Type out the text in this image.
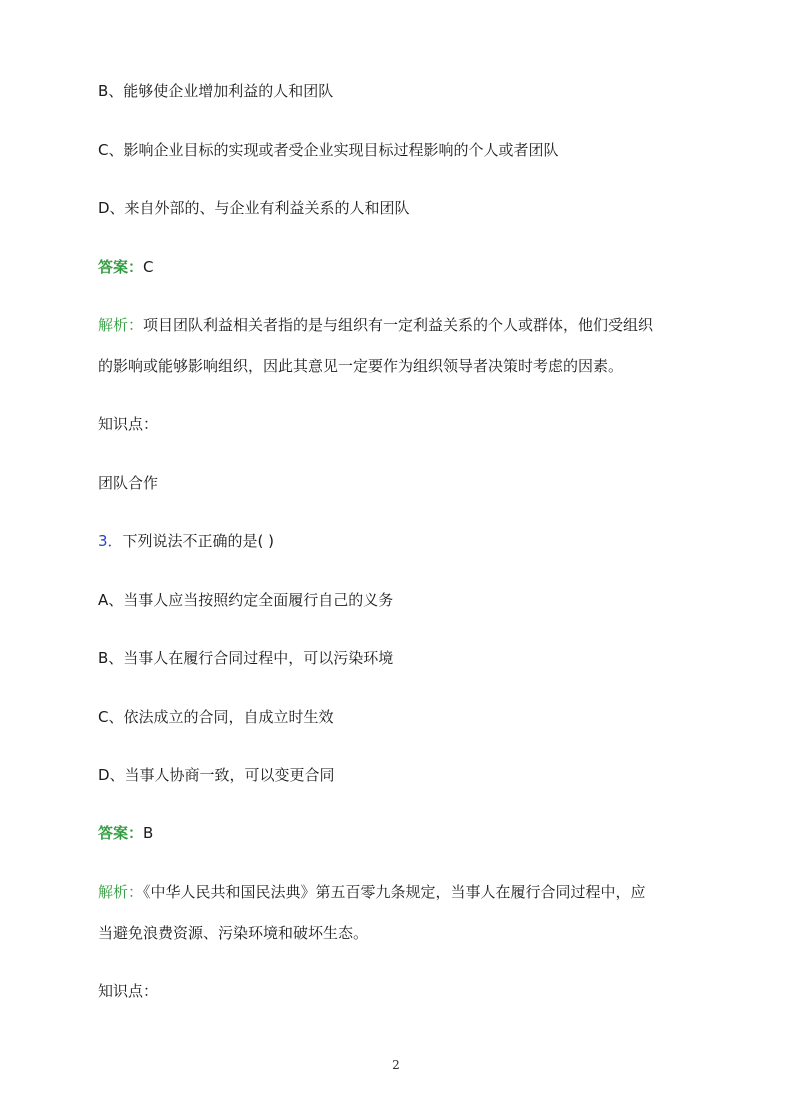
B、能够使企业增加利益的人和团队

C、影响企业目标的实现或者受企业实现目标过程影响的个人或者团队

D、来自外部的、与企业有利益关系的人和团队

答案：C

解析：项目团队利益相关者指的是与组织有一定利益关系的个人或群体，他们受组织

的影响或能够影响组织，因此其意见一定要作为组织领导者决策时考虑的因素。

知识点：

团队合作

3．下列说法不正确的是( )

A、当事人应当按照约定全面履行自己的义务

B、当事人在履行合同过程中，可以污染环境

C、依法成立的合同，自成立时生效

D、当事人协商一致，可以变更合同

答案：B

解析：《中华人民共和国民法典》第五百零九条规定，当事人在履行合同过程中，应

当避免浪费资源、污染环境和破坏生态。

知识点：

2
